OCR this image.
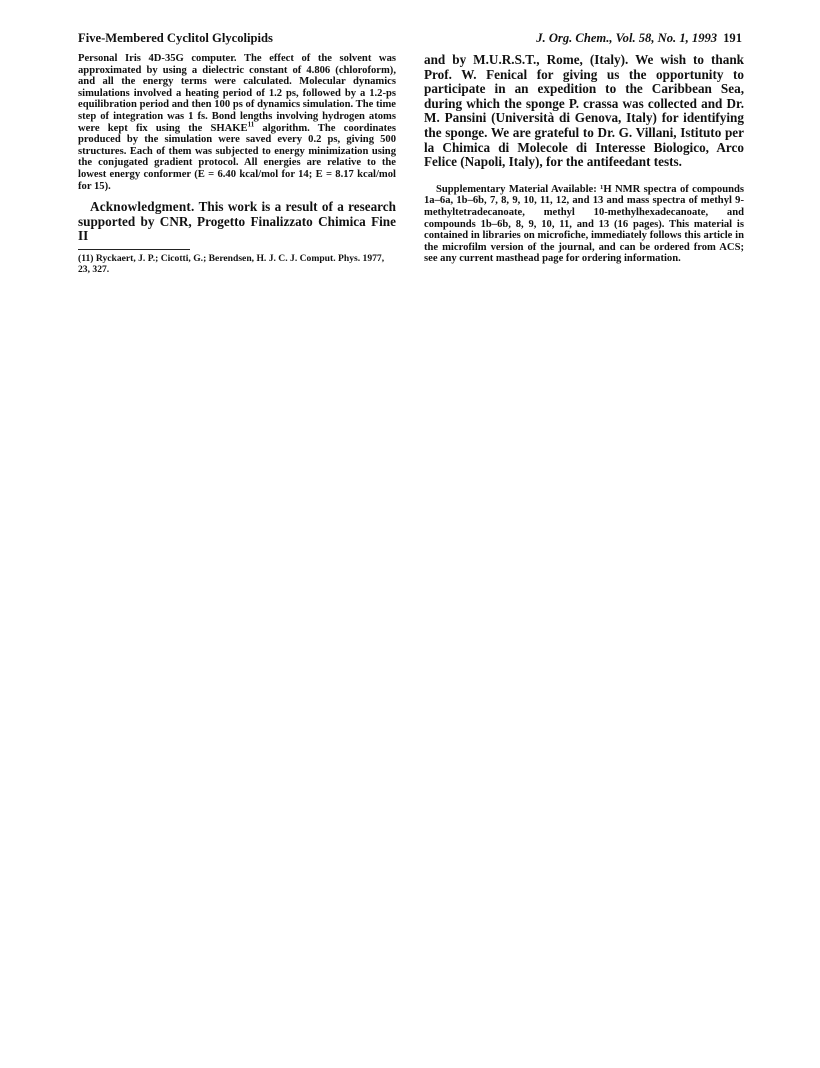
Five-Membered Cyclitol Glycolipids	J. Org. Chem., Vol. 58, No. 1, 1993 191

Personal Iris 4D-35G computer. The effect of the solvent was approximated by using a dielectric constant of 4.806 (chloroform), and all the energy terms were calculated. Molecular dynamics simulations involved a heating period of 1.2 ps, followed by a 1.2-ps equilibration period and then 100 ps of dynamics simulation. The time step of integration was 1 fs. Bond lengths involving hydrogen atoms were kept fix using the SHAKE$^{11}$ algorithm. The coordinates produced by the simulation were saved every 0.2 ps, giving 500 structures. Each of them was subjected to energy minimization using the conjugated gradient protocol. All energies are relative to the lowest energy conformer (E = 6.40 kcal/mol for 14; E = 8.17 kcal/mol for 15).

Acknowledgment. This work is a result of a research supported by CNR, Progetto Finalizzato Chimica Fine II

(11) Ryckaert, J. P.; Cicotti, G.; Berendsen, H. J. C. J. Comput. Phys. 1977, 23, 327.

and by M.U.R.S.T., Rome, (Italy). We wish to thank Prof. W. Fenical for giving us the opportunity to participate in an expedition to the Caribbean Sea, during which the sponge P. crassa was collected and Dr. M. Pansini (Università di Genova, Italy) for identifying the sponge. We are grateful to Dr. G. Villani, Istituto per la Chimica di Molecole di Interesse Biologico, Arco Felice (Napoli, Italy), for the antifeedant tests.

Supplementary Material Available: ¹H NMR spectra of compounds 1a–6a, 1b–6b, 7, 8, 9, 10, 11, 12, and 13 and mass spectra of methyl 9-methyltetradecanoate, methyl 10-methylhexadecanoate, and compounds 1b–6b, 8, 9, 10, 11, and 13 (16 pages). This material is contained in libraries on microfiche, immediately follows this article in the microfilm version of the journal, and can be ordered from ACS; see any current masthead page for ordering information.
